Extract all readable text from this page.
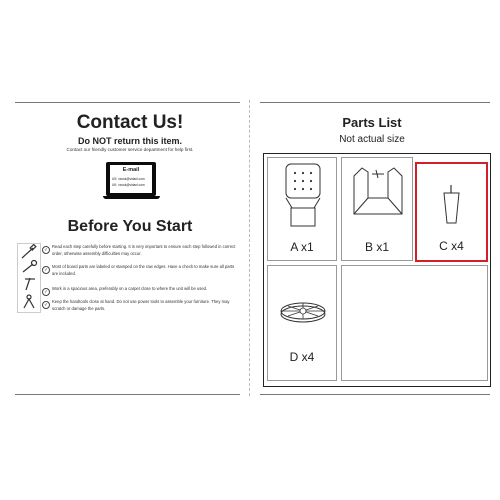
Contact Us!
Do NOT return this item.
Contact our friendly customer service department for help first.
E-mail
US: vxusk@vidaxl.com
UK: vxusk@vidaxl.com
Before You Start
✓
Read each step carefully before starting. It is very important to ensure each step followed in correct order, otherwise assembly difficulties may occur.
✓
Most of board parts are labeled or stamped on the raw edges. Have a check to make sure all parts are included.
✓
Work in a spacious area, preferably on a carpet close to where the unit will be used.
✓
Keep the handtools close at hand. Do not use power tools to assemble your furniture. They may scratch or damage the parts.
Parts List
Not actual size
A x1	B x1	C x4
D x4
